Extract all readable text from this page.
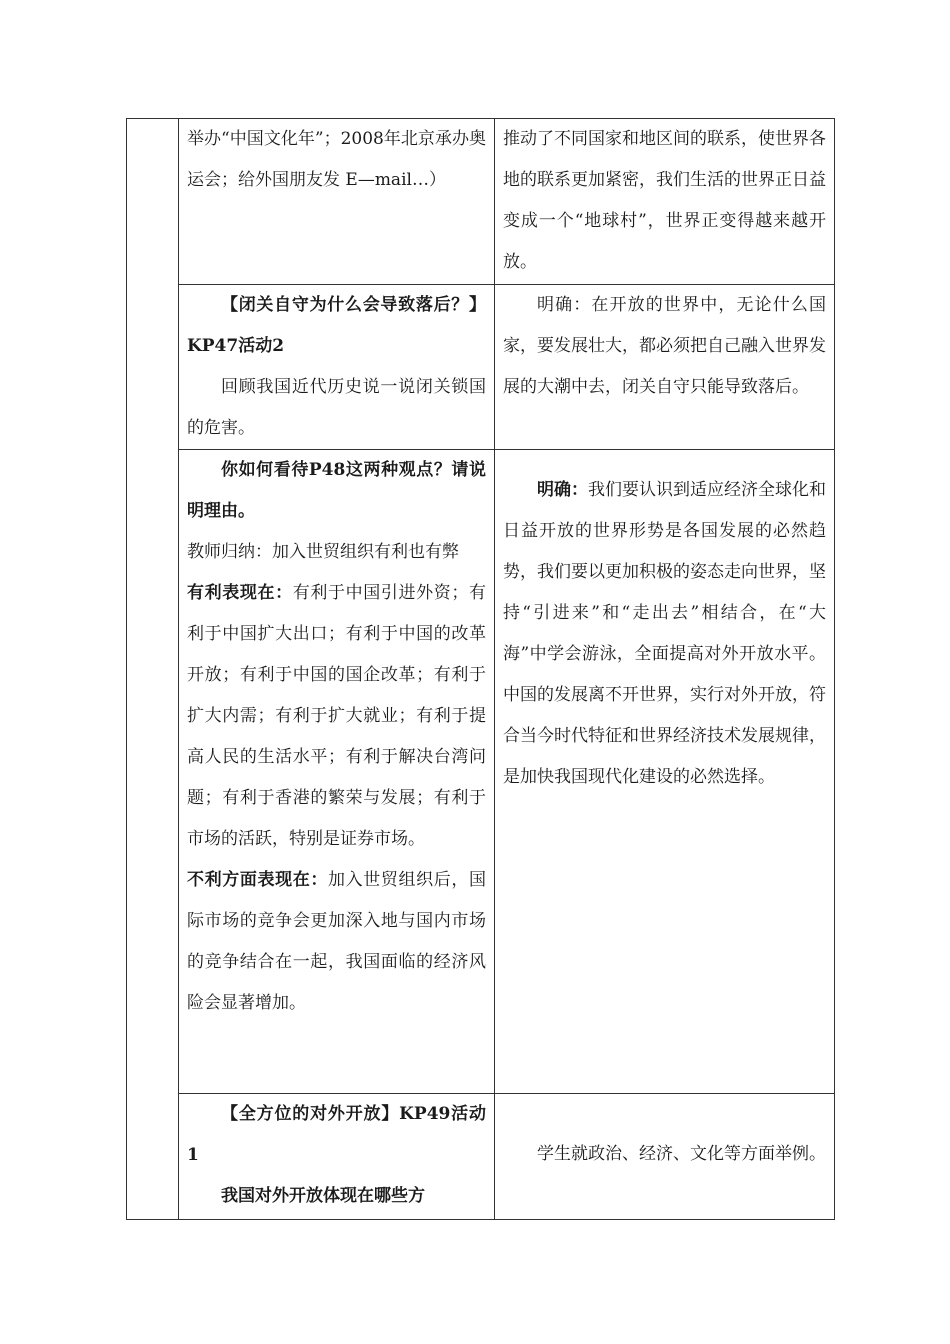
	举办“中国文化年”；2008年北京承办奥运会；给外国朋友发 E—mail…）	推动了不同国家和地区间的联系，使世界各地的联系更加紧密，我们生活的世界正日益变成一个“地球村”，世界正变得越来越开放。

	【闭关自守为什么会导致落后？】KP47活动2

回顾我国近代历史说一说闭关锁国的危害。	明确：在开放的世界中，无论什么国家，要发展壮大，都必须把自己融入世界发展的大潮中去，闭关自守只能导致落后。

	你如何看待P48这两种观点？请说明理由。

教师归纳：加入世贸组织有利也有弊

有利表现在：有利于中国引进外资；有利于中国扩大出口；有利于中国的改革开放；有利于中国的国企改革；有利于扩大内需；有利于扩大就业；有利于提高人民的生活水平；有利于解决台湾问题；有利于香港的繁荣与发展；有利于市场的活跃，特别是证券市场。

不利方面表现在：加入世贸组织后，国际市场的竞争会更加深入地与国内市场的竞争结合在一起，我国面临的经济风险会显著增加。	明确：我们要认识到适应经济全球化和日益开放的世界形势是各国发展的必然趋势，我们要以更加积极的姿态走向世界，坚持“引进来”和“走出去”相结合，在“大海”中学会游泳，全面提高对外开放水平。中国的发展离不开世界，实行对外开放，符合当今时代特征和世界经济技术发展规律，是加快我国现代化建设的必然选择。

	【全方位的对外开放】KP49活动1

我国对外开放体现在哪些方	学生就政治、经济、文化等方面举例。
